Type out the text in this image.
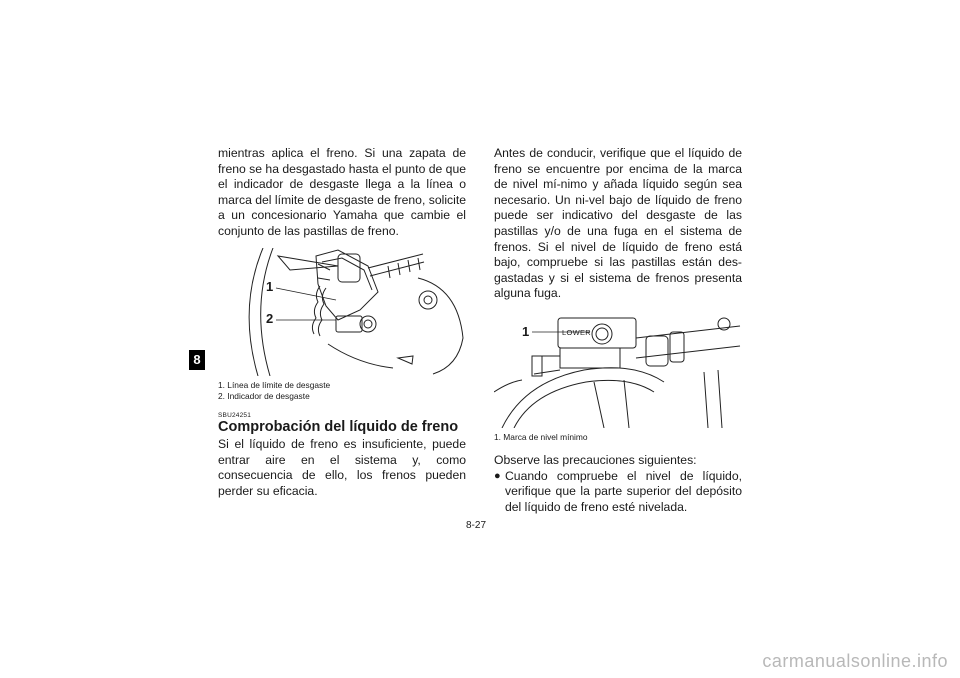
8

mientras aplica el freno. Si una zapata de freno se ha desgastado hasta el punto de que el indicador de desgaste llega a la línea o marca del límite de desgaste de freno, solicite a un concesionario Yamaha que cambie el conjunto de las pastillas de freno.

1
2

1. Línea de límite de desgaste

2. Indicador de desgaste

SBU24251
Comprobación del líquido de freno

Si el líquido de freno es insuficiente, puede entrar aire en el sistema y, como consecuencia de ello, los frenos pueden perder su eficacia.

Antes de conducir, verifique que el líquido de freno se encuentre por encima de la marca de nivel mí-nimo y añada líquido según sea necesario. Un ni-vel bajo de líquido de freno puede ser indicativo del desgaste de las pastillas y/o de una fuga en el sistema de frenos. Si el nivel de líquido de freno está bajo, compruebe si las pastillas están des-gastadas y si el sistema de frenos presenta alguna fuga.

1	LOWER

1. Marca de nivel mínimo

Observe las precauciones siguientes:

● Cuando compruebe el nivel de líquido, verifique que la parte superior del depósito del líquido de freno esté nivelada.
8-27
carmanualsonline.info
